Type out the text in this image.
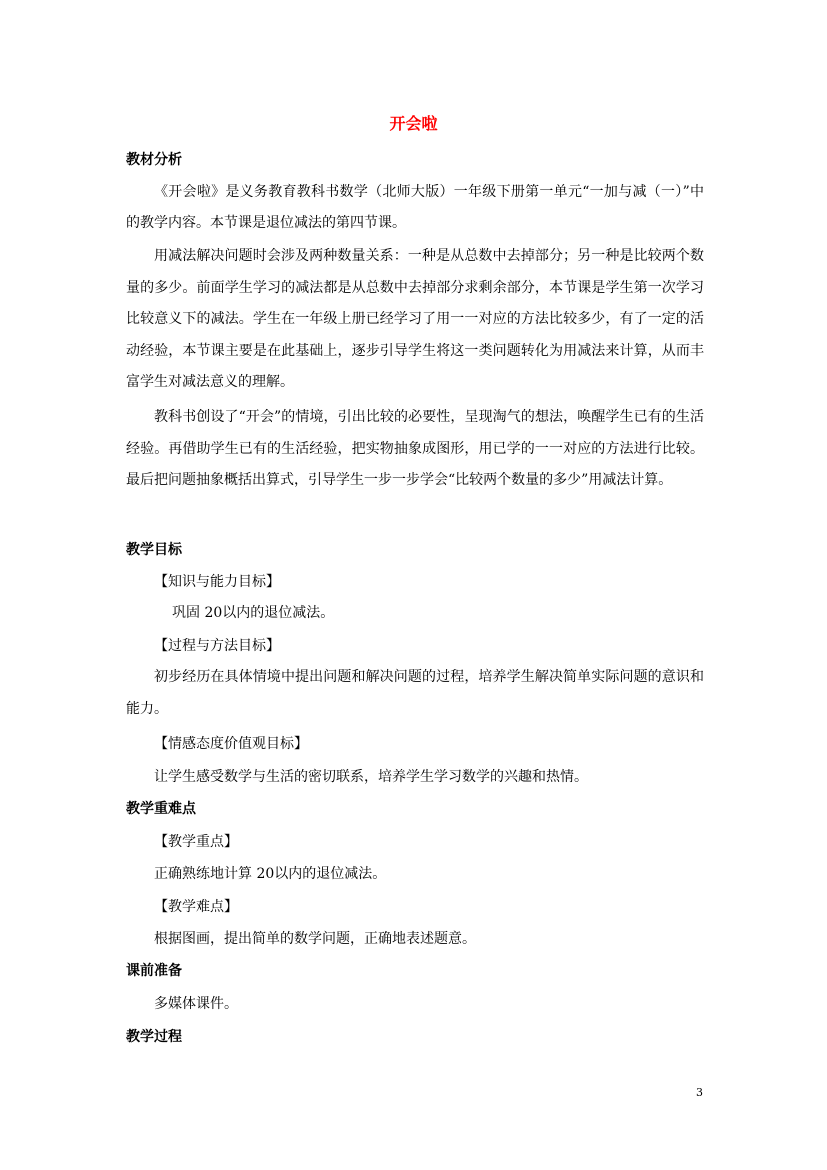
开会啦
教材分析
《开会啦》是义务教育教科书数学（北师大版）一年级下册第一单元“一加与减（一）”中的教学内容。本节课是退位减法的第四节课。
用减法解决问题时会涉及两种数量关系：一种是从总数中去掉部分；另一种是比较两个数量的多少。前面学生学习的减法都是从总数中去掉部分求剩余部分，本节课是学生第一次学习比较意义下的减法。学生在一年级上册已经学习了用一一对应的方法比较多少，有了一定的活动经验，本节课主要是在此基础上，逐步引导学生将这一类问题转化为用减法来计算，从而丰富学生对减法意义的理解。
教科书创设了“开会”的情境，引出比较的必要性，呈现淘气的想法，唤醒学生已有的生活经验。再借助学生已有的生活经验，把实物抽象成图形，用已学的一一对应的方法进行比较。最后把问题抽象概括出算式，引导学生一步一步学会“比较两个数量的多少”用减法计算。
教学目标
【知识与能力目标】
巩固 20以内的退位减法。
【过程与方法目标】
初步经历在具体情境中提出问题和解决问题的过程，培养学生解决简单实际问题的意识和能力。
【情感态度价值观目标】
让学生感受数学与生活的密切联系，培养学生学习数学的兴趣和热情。
教学重难点
【教学重点】
正确熟练地计算 20以内的退位减法。
【教学难点】
根据图画，提出简单的数学问题，正确地表述题意。
课前准备
多媒体课件。
教学过程
3
